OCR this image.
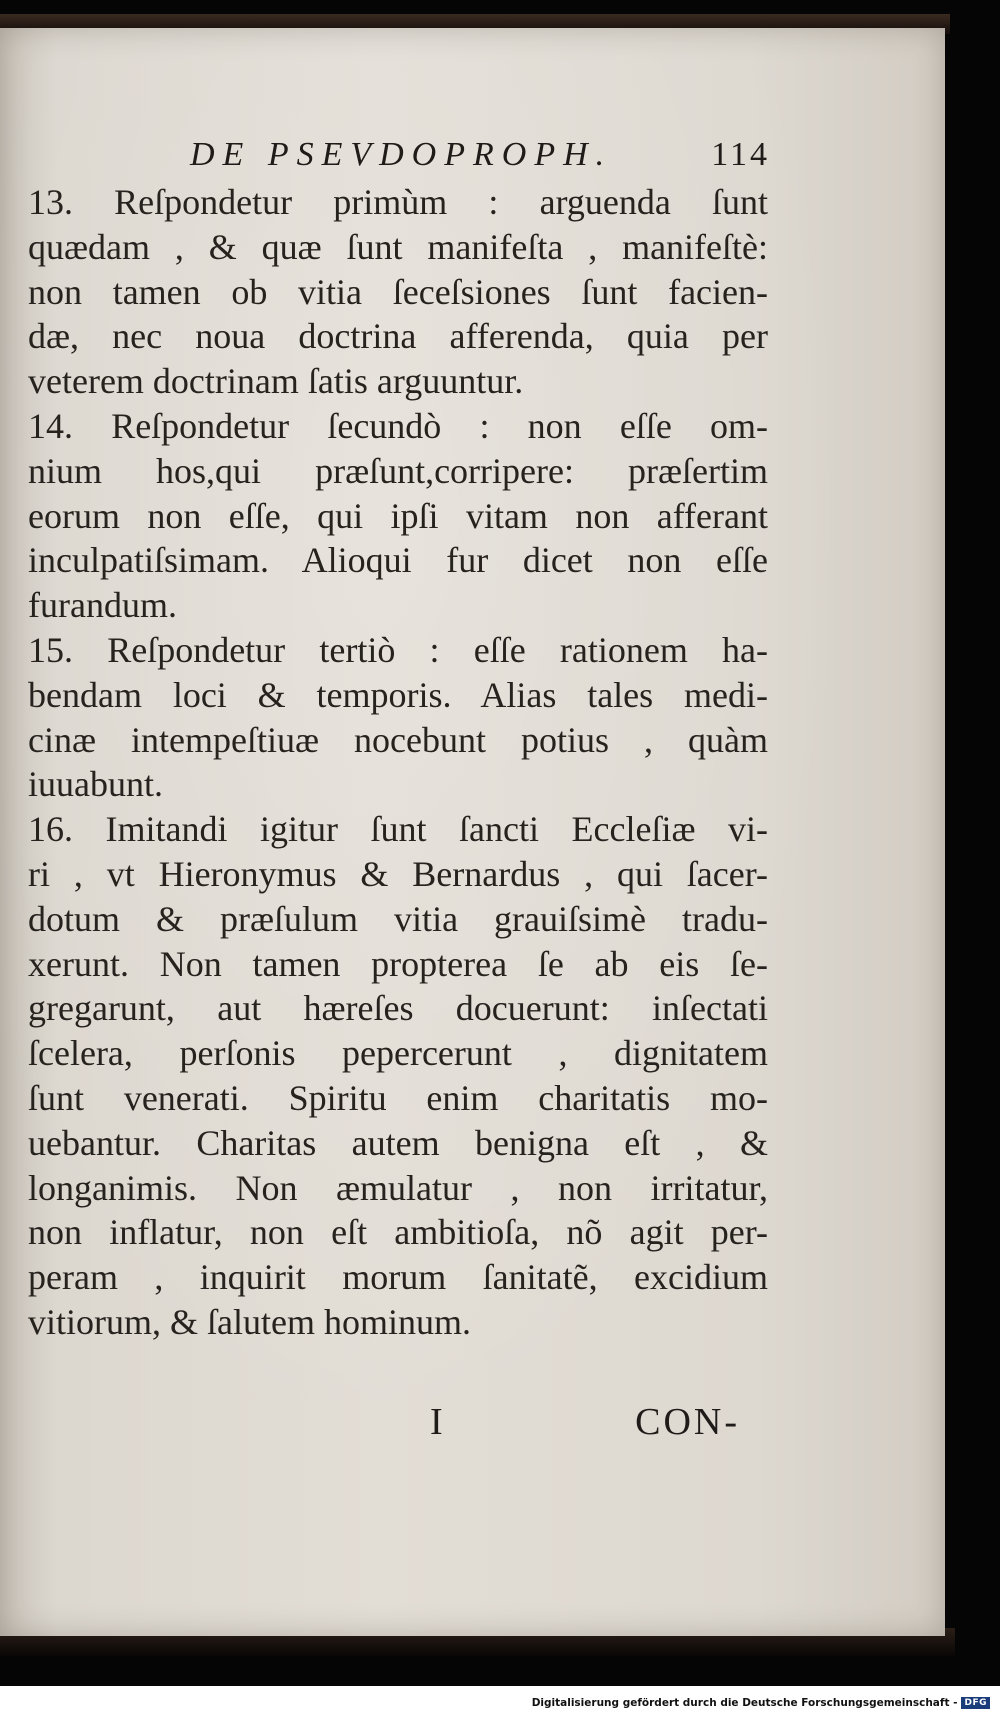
DE PSEVDOPROPH.	114
13. Reſpondetur primùm : arguenda ſunt
quædam , & quæ ſunt manifeſta , manifeſtè:
non tamen ob vitia ſeceſsiones ſunt facien-
dæ, nec noua doctrina afferenda, quia per
veterem doctrinam ſatis arguuntur.
14. Reſpondetur ſecundò : non eſſe om-
nium hos,qui præſunt,corripere: præſertim
eorum non eſſe, qui ipſi vitam non afferant
inculpatiſsimam. Alioqui fur dicet non eſſe
furandum.
15. Reſpondetur tertiò : eſſe rationem ha-
bendam loci & temporis. Alias tales medi-
cinæ intempeſtiuæ nocebunt potius , quàm
iuuabunt.
16. Imitandi igitur ſunt ſancti Eccleſiæ vi-
ri , vt Hieronymus & Bernardus , qui ſacer-
dotum & præſulum vitia grauiſsimè tradu-
xerunt. Non tamen propterea ſe ab eis ſe-
gregarunt, aut hæreſes docuerunt: inſectati
ſcelera, perſonis pepercerunt , dignitatem
ſunt venerati. Spiritu enim charitatis mo-
uebantur. Charitas autem benigna eſt , &
longanimis. Non æmulatur , non irritatur,
non inflatur, non eſt ambitioſa, nõ agit per-
peram , inquirit morum ſanitatẽ, excidium
vitiorum, & ſalutem hominum.
I	CON-
Digitalisierung gefördert durch die Deutsche Forschungsgemeinschaft - DFG
